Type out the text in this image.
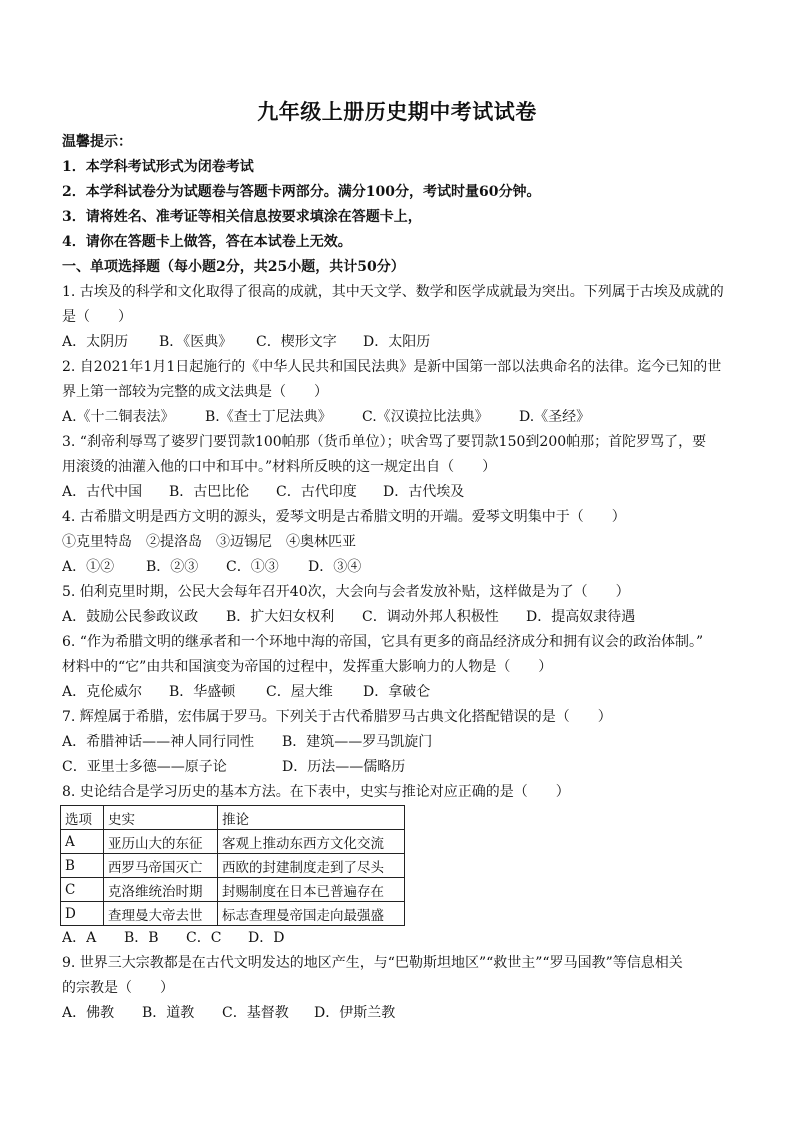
九年级上册历史期中考试试卷
温馨提示：
1．本学科考试形式为闭卷考试
2．本学科试卷分为试题卷与答题卡两部分。满分100分，考试时量60分钟。
3．请将姓名、准考证等相关信息按要求填涂在答题卡上，
4．请你在答题卡上做答，答在本试卷上无效。
一、单项选择题（每小题2分，共25小题，共计50分）
1. 古埃及的科学和文化取得了很高的成就，其中天文学、数学和医学成就最为突出。下列属于古埃及成就的
是（　　）
A．太阴历 B．《医典》 C．楔形文字 D．太阳历
2. 自2021年1月1日起施行的《中华人民共和国民法典》是新中国第一部以法典命名的法律。迄今已知的世
界上第一部较为完整的成文法典是（　　）
A.《十二铜表法》 B.《查士丁尼法典》 C.《汉谟拉比法典》 D.《圣经》
3. “刹帝利辱骂了婆罗门要罚款100帕那（货币单位）；吠舍骂了要罚款150到200帕那；首陀罗骂了，要
用滚烫的油灌入他的口中和耳中。”材料所反映的这一规定出自（　　）
A．古代中国 B．古巴比伦 C．古代印度 D．古代埃及
4. 古希腊文明是西方文明的源头，爱琴文明是古希腊文明的开端。爱琴文明集中于（　　）
①克里特岛　②提洛岛　③迈锡尼　④奥林匹亚
A．①② B．②③ C．①③ D．③④
5. 伯利克里时期，公民大会每年召开40次，大会向与会者发放补贴，这样做是为了（　　）
A．鼓励公民参政议政 B．扩大妇女权利 C．调动外邦人积极性 D．提高奴隶待遇
6. “作为希腊文明的继承者和一个环地中海的帝国，它具有更多的商品经济成分和拥有议会的政治体制。”
材料中的“它”由共和国演变为帝国的过程中，发挥重大影响力的人物是（　　）
A．克伦威尔 B．华盛顿 C．屋大维 D．拿破仑
7. 辉煌属于希腊，宏伟属于罗马。下列关于古代希腊罗马古典文化搭配错误的是（　　）
A．希腊神话——神人同行同性 B．建筑——罗马凯旋门
C．亚里士多德——原子论	D．历法——儒略历
8. 史论结合是学习历史的基本方法。在下表中，史实与推论对应正确的是（　　）
选项	史实	推论
A	亚历山大的东征	客观上推动东西方文化交流
B	西罗马帝国灭亡	西欧的封建制度走到了尽头
C	克洛维统治时期	封赐制度在日本已普遍存在
D	查理曼大帝去世	标志查理曼帝国走向最强盛
A．A B．B C．C D．D
9. 世界三大宗教都是在古代文明发达的地区产生，与“巴勒斯坦地区”“救世主”“罗马国教”等信息相关
的宗教是（　　）
A．佛教 B．道教 C．基督教 D．伊斯兰教
